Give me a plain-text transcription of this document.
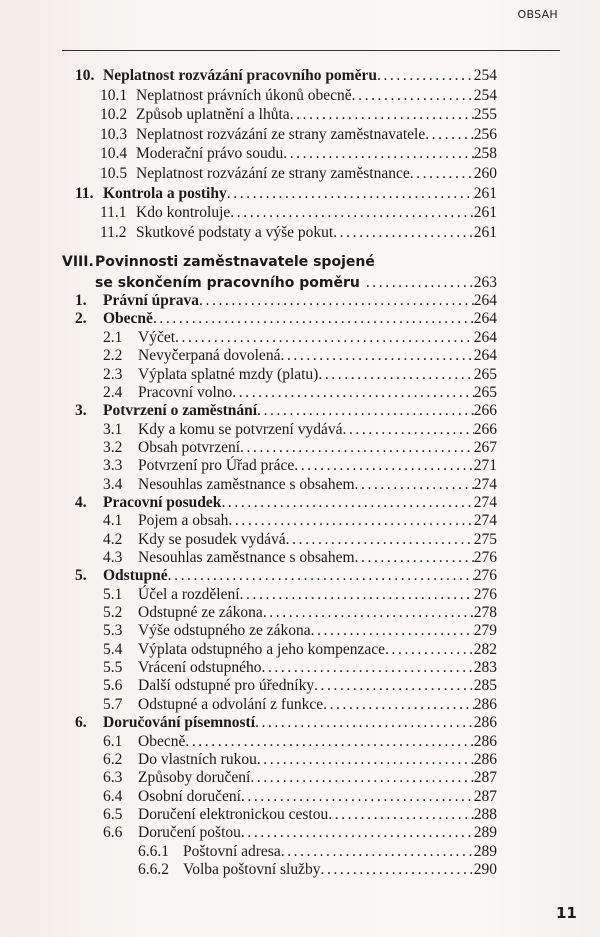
OBSAH
10. Neplatnost rozvázání pracovního poměru .....	254
10.1 Neplatnost právních úkonů obecně .....	254
10.2 Způsob uplatnění a lhůta .....	255
10.3 Neplatnost rozvázání ze strany zaměstnavatele .....	256
10.4 Moderační právo soudu .....	258
10.5 Neplatnost rozvázání ze strany zaměstnance .....	260
11. Kontrola a postihy .....	261
11.1 Kdo kontroluje .....	261
11.2 Skutkové podstaty a výše pokut .....	261
VIII. Povinnosti zaměstnavatele spojené
se skončením pracovního poměru .....	263
1. Právní úprava .....	264
2. Obecně .....	264
2.1 Výčet .....	264
2.2 Nevyčerpaná dovolená .....	264
2.3 Výplata splatné mzdy (platu) .....	265
2.4 Pracovní volno .....	265
3. Potvrzení o zaměstnání .....	266
3.1 Kdy a komu se potvrzení vydává .....	266
3.2 Obsah potvrzení .....	267
3.3 Potvrzení pro Úřad práce .....	271
3.4 Nesouhlas zaměstnance s obsahem .....	274
4. Pracovní posudek .....	274
4.1 Pojem a obsah .....	274
4.2 Kdy se posudek vydává .....	275
4.3 Nesouhlas zaměstnance s obsahem .....	276
5. Odstupné .....	276
5.1 Účel a rozdělení .....	276
5.2 Odstupné ze zákona .....	278
5.3 Výše odstupného ze zákona .....	279
5.4 Výplata odstupného a jeho kompenzace .....	282
5.5 Vrácení odstupného .....	283
5.6 Další odstupné pro úředníky .....	285
5.7 Odstupné a odvolání z funkce .....	286
6. Doručování písemností .....	286
6.1 Obecně .....	286
6.2 Do vlastních rukou .....	286
6.3 Způsoby doručení .....	287
6.4 Osobní doručení .....	287
6.5 Doručení elektronickou cestou .....	288
6.6 Doručení poštou .....	289
6.6.1 Poštovní adresa .....	289
6.6.2 Volba poštovní služby .....	290
11
